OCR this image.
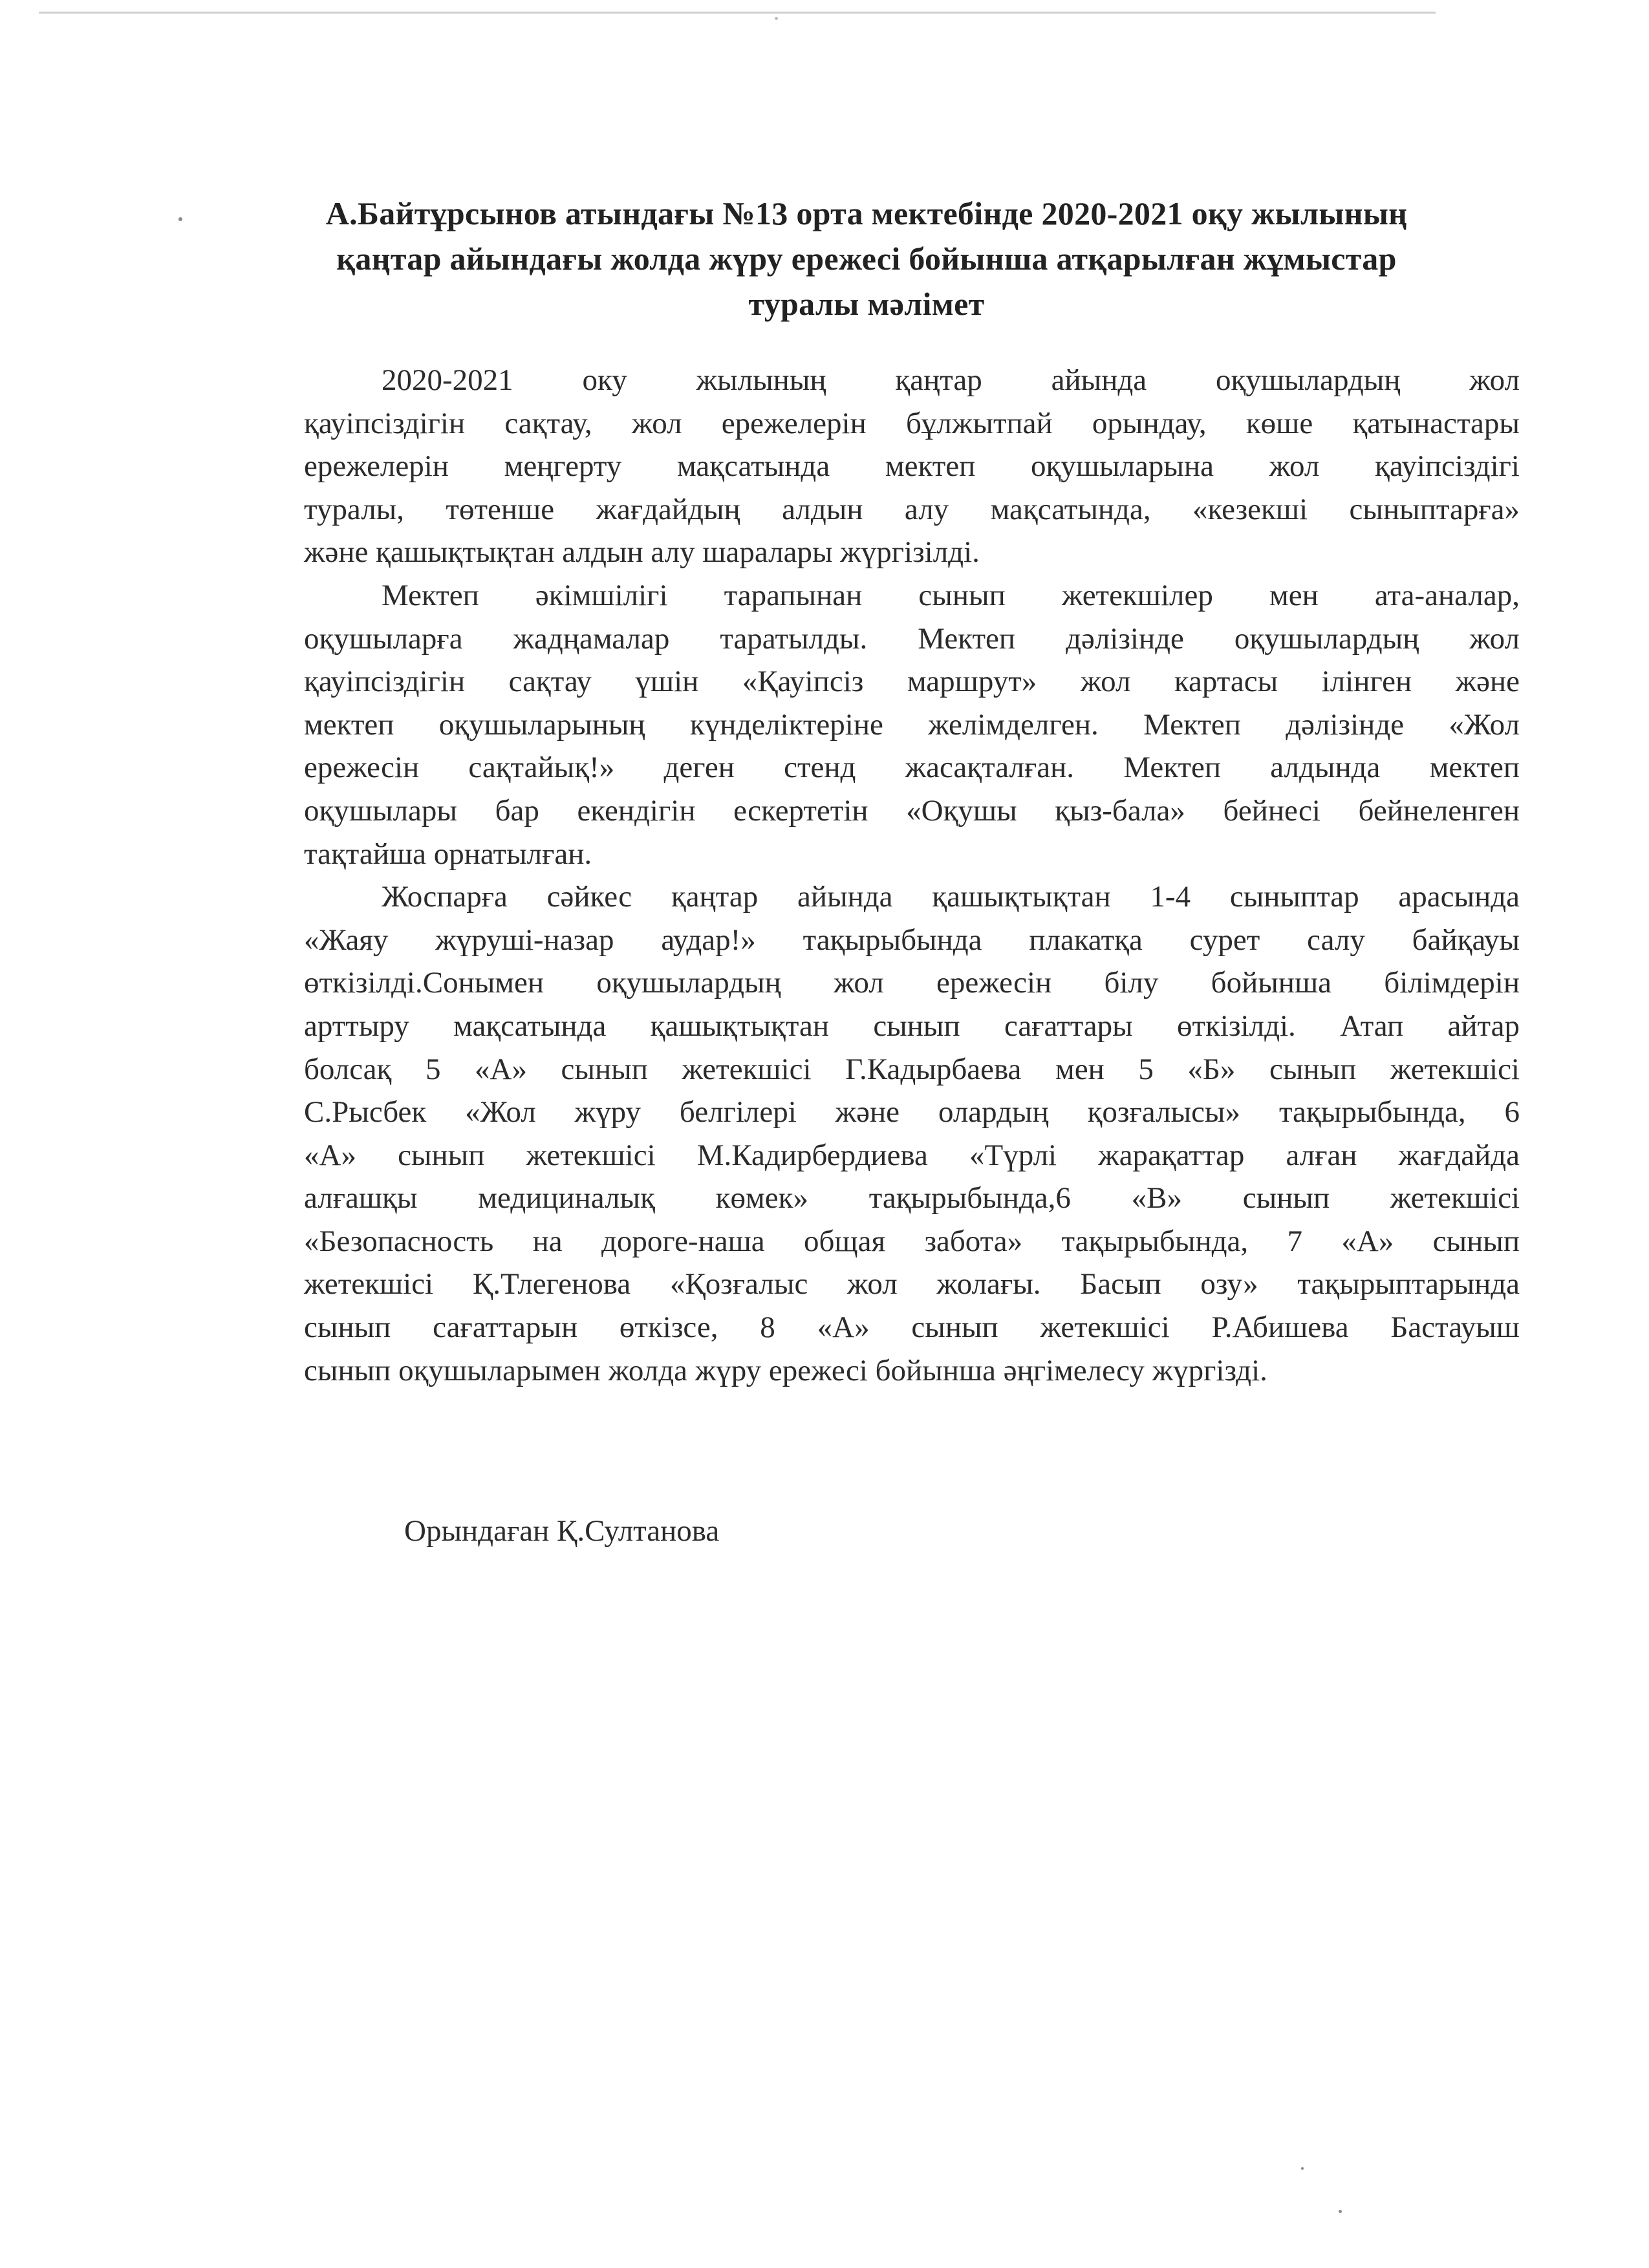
А.Байтұрсынов атындағы №13 орта мектебінде 2020-2021 оқу жылының
қаңтар айындағы жолда жүру ережесі бойынша атқарылған жұмыстар
туралы мәлімет
2020-2021 оку жылының қаңтар айында оқушылардың жол
қауіпсіздігін сақтау, жол ережелерін бұлжытпай орындау, көше қатынастары
ережелерін меңгерту мақсатында мектеп оқушыларына жол қауіпсіздігі
туралы, төтенше жағдайдың алдын алу мақсатында, «кезекші сыныптарға»
және қашықтықтан алдын алу шаралары жүргізілді.
Мектеп әкімшілігі тарапынан сынып жетекшілер мен ата-аналар,
оқушыларға жадңамалар таратылды. Мектеп дәлізінде оқушылардың жол
қауіпсіздігін сақтау үшін «Қауіпсіз маршрут» жол картасы ілінген және
мектеп оқушыларының күнделіктеріне желімделген. Мектеп дәлізінде «Жол
ережесін сақтайық!» деген стенд жасақталған. Мектеп алдында мектеп
оқушылары бар екендігін ескертетін «Оқушы қыз-бала» бейнесі бейнеленген
тақтайша орнатылған.
Жоспарға сәйкес қаңтар айында қашықтықтан 1-4 сыныптар арасында
«Жаяу жүруші-назар аудар!» тақырыбында плакатқа сурет салу байқауы
өткізілді.Сонымен оқушылардың жол ережесін білу бойынша білімдерін
арттыру мақсатында қашықтықтан сынып сағаттары өткізілді. Атап айтар
болсақ 5 «А» сынып жетекшісі Г.Кадырбаева мен 5 «Б» сынып жетекшісі
С.Рысбек «Жол жүру белгілері және олардың қозғалысы» тақырыбында, 6
«А» сынып жетекшісі М.Кадирбердиева «Түрлі жарақаттар алған жағдайда
алғашқы медициналық көмек» тақырыбында,6 «В» сынып жетекшісі
«Безопасность на дороге-наша общая забота» тақырыбында, 7 «А» сынып
жетекшісі Қ.Тлегенова «Қозғалыс жол жолағы. Басып озу» тақырыптарында
сынып сағаттарын өткізсе, 8 «А» сынып жетекшісі Р.Абишева Бастауыш
сынып оқушыларымен жолда жүру ережесі бойынша әңгімелесу жүргізді.
Орындаған Қ.Султанова
